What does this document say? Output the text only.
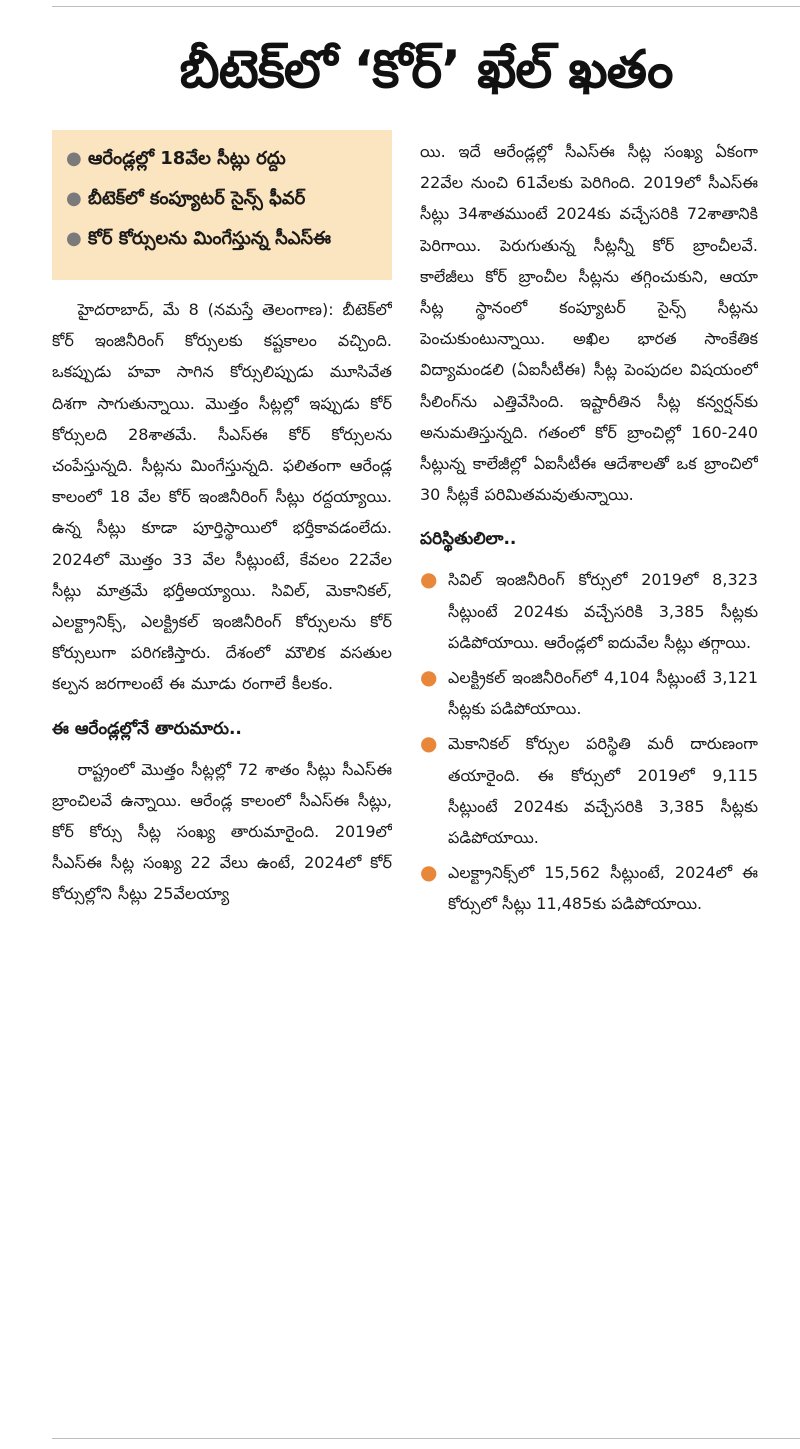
బీటెక్‌లో ‘కోర్’ ఖేల్ ఖతం
● ఆరేండ్లల్లో 18వేల సీట్లు రద్దు
● బీటెక్‌లో కంప్యూటర్ సైన్స్ ఫీవర్
● కోర్ కోర్సులను మింగేస్తున్న సీఎస్‌ఈ

హైదరాబాద్, మే 8 (నమస్తే తెలంగాణ): బీటెక్‌లో కోర్ ఇంజినీరింగ్ కోర్సులకు కష్టకాలం వచ్చింది. ఒకప్పుడు హవా సాగిన కోర్సులిప్పుడు మూసివేత దిశగా సాగుతున్నాయి. మొత్తం సీట్లల్లో ఇప్పుడు కోర్ కోర్సులది 28శాతమే. సీఎస్‌ఈ కోర్ కోర్సులను చంపేస్తున్నది. సీట్లను మింగేస్తున్నది. ఫలితంగా ఆరేండ్ల కాలంలో 18 వేల కోర్ ఇంజినీరింగ్ సీట్లు రద్దయ్యాయి. ఉన్న సీట్లు కూడా పూర్తిస్థాయిలో భర్తీకావడంలేదు. 2024లో మొత్తం 33 వేల సీట్లుంటే, కేవలం 22వేల సీట్లు మాత్రమే భర్తీఅయ్యాయి. సివిల్, మెకానికల్, ఎలక్ట్రానిక్స్, ఎలక్ట్రికల్ ఇంజినీరింగ్ కోర్సులను కోర్ కోర్సులుగా పరిగణిస్తారు. దేశంలో మౌలిక వసతుల కల్పన జరగాలంటే ఈ మూడు రంగాలే కీలకం.

ఈ ఆరేండ్లల్లోనే తారుమారు..

రాష్ట్రంలో మొత్తం సీట్లల్లో 72 శాతం సీట్లు సీఎస్‌ఈ బ్రాంచిలవే ఉన్నాయి. ఆరేండ్ల కాలంలో సీఎస్‌ఈ సీట్లు, కోర్ కోర్సు సీట్ల సంఖ్య తారుమారైంది. 2019లో సీఎస్‌ఈ సీట్ల సంఖ్య 22 వేలు ఉంటే, 2024లో కోర్ కోర్సుల్లోని సీట్లు 25వేలయ్యా

యి. ఇదే ఆరేండ్లల్లో సీఎస్‌ఈ సీట్ల సంఖ్య ఏకంగా 22వేల నుంచి 61వేలకు పెరిగింది. 2019లో సీఎస్‌ఈ సీట్లు 34శాతముంటే 2024కు వచ్చేసరికి 72శాతానికి పెరిగాయి. పెరుగుతున్న సీట్లన్నీ కోర్ బ్రాంచీలవే. కాలేజీలు కోర్ బ్రాంచీల సీట్లను తగ్గించుకుని, ఆయా సీట్ల స్థానంలో కంప్యూటర్ సైన్స్ సీట్లను పెంచుకుంటున్నాయి. అఖిల భారత సాంకేతిక విద్యామండలి (ఏఐసీటీఈ) సీట్ల పెంపుదల విషయంలో సీలింగ్‌ను ఎత్తివేసింది. ఇష్టారీతిన సీట్ల కన్వర్షన్‌కు అనుమతిస్తున్నది. గతంలో కోర్ బ్రాంచిల్లో 160-240 సీట్లున్న కాలేజీల్లో ఏఐసీటీఈ ఆదేశాలతో ఒక బ్రాంచిలో 30 సీట్లకే పరిమితమవుతున్నాయి.

పరిస్థితులిలా..
● సివిల్ ఇంజినీరింగ్ కోర్సులో 2019లో 8,323 సీట్లుంటే 2024కు వచ్చేసరికి 3,385 సీట్లకు పడిపోయాయి. ఆరేండ్లలో ఐదువేల సీట్లు తగ్గాయి.
● ఎలక్ట్రికల్ ఇంజినీరింగ్‌లో 4,104 సీట్లుంటే 3,121 సీట్లకు పడిపోయాయి.
● మెకానికల్ కోర్సుల పరిస్థితి మరీ దారుణంగా తయారైంది. ఈ కోర్సులో 2019లో 9,115 సీట్లుంటే 2024కు వచ్చేసరికి 3,385 సీట్లకు పడిపోయాయి.
● ఎలక్ట్రానిక్స్‌లో 15,562 సీట్లుంటే, 2024లో ఈ కోర్సులో సీట్లు 11,485కు పడిపోయాయి.
